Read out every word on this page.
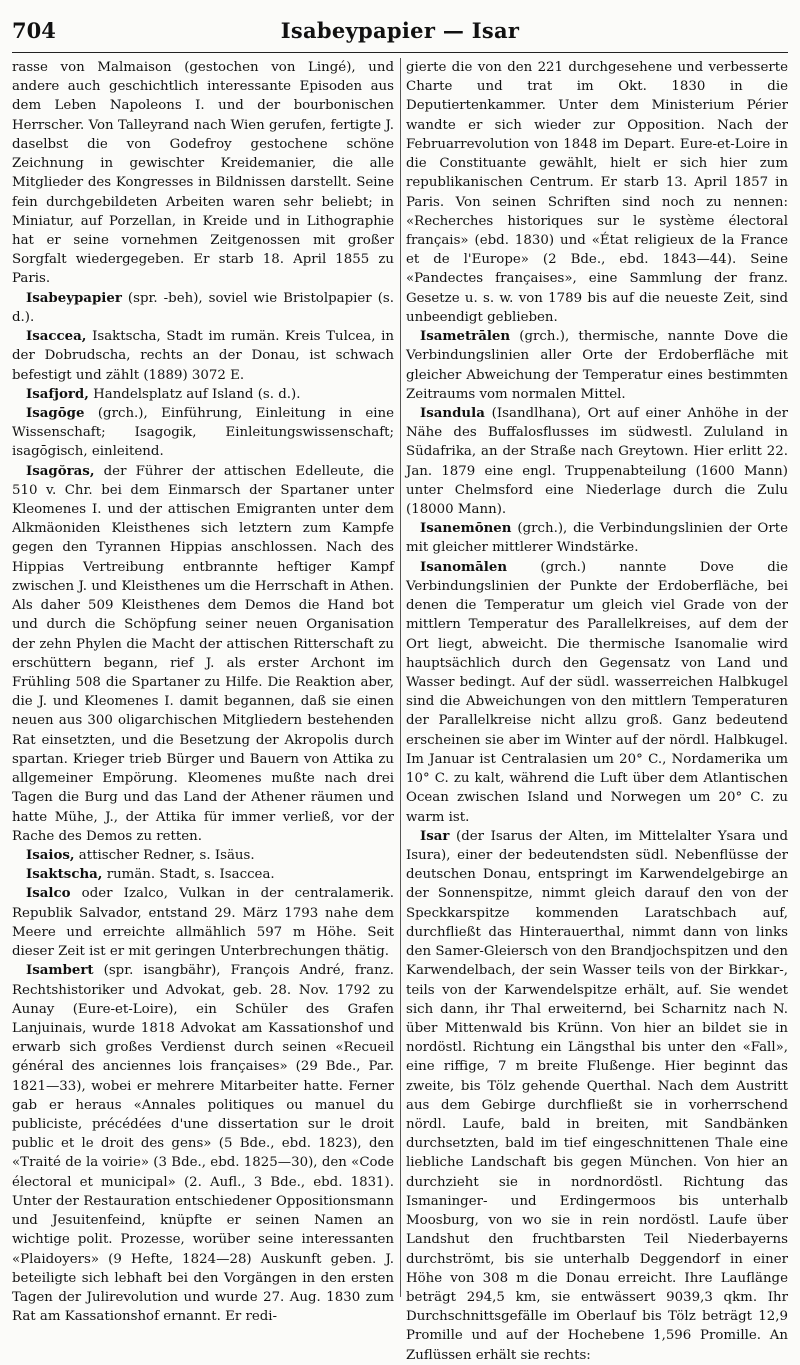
704	Isabeypapier — Isar

rasse von Malmaison (gestochen von Lingé), und andere auch geschichtlich interessante Episoden aus dem Leben Napoleons I. und der bourbonischen Herrscher. Von Talleyrand nach Wien gerufen, fertigte J. daselbst die von Godefroy gestochene schöne Zeichnung in gewischter Kreidemanier, die alle Mitglieder des Kongresses in Bildnissen darstellt. Seine fein durchgebildeten Arbeiten waren sehr beliebt; in Miniatur, auf Porzellan, in Kreide und in Lithographie hat er seine vornehmen Zeitgenossen mit großer Sorgfalt wiedergegeben. Er starb 18. April 1855 zu Paris.

Isabeypapier (spr. -beh), soviel wie Bristolpapier (s. d.).

Isaccea, Isaktscha, Stadt im rumän. Kreis Tulcea, in der Dobrudscha, rechts an der Donau, ist schwach befestigt und zählt (1889) 3072 E.

Isafjord, Handelsplatz auf Island (s. d.).

Isagōge (grch.), Einführung, Einleitung in eine Wissenschaft; Isagogik, Einleitungswissenschaft; isagōgisch, einleitend.

Isagŏras, der Führer der attischen Edelleute, die 510 v. Chr. bei dem Einmarsch der Spartaner unter Kleomenes I. und der attischen Emigranten unter dem Alkmäoniden Kleisthenes sich letztern zum Kampfe gegen den Tyrannen Hippias anschlossen. Nach des Hippias Vertreibung entbrannte heftiger Kampf zwischen J. und Kleisthenes um die Herrschaft in Athen. Als daher 509 Kleisthenes dem Demos die Hand bot und durch die Schöpfung seiner neuen Organisation der zehn Phylen die Macht der attischen Ritterschaft zu erschüttern begann, rief J. als erster Archont im Frühling 508 die Spartaner zu Hilfe. Die Reaktion aber, die J. und Kleomenes I. damit begannen, daß sie einen neuen aus 300 oligarchischen Mitgliedern bestehenden Rat einsetzten, und die Besetzung der Akropolis durch spartan. Krieger trieb Bürger und Bauern von Attika zu allgemeiner Empörung. Kleomenes mußte nach drei Tagen die Burg und das Land der Athener räumen und hatte Mühe, J., der Attika für immer verließ, vor der Rache des Demos zu retten.

Isaios, attischer Redner, s. Isäus.

Isaktscha, rumän. Stadt, s. Isaccea.

Isalco oder Izalco, Vulkan in der centralamerik. Republik Salvador, entstand 29. März 1793 nahe dem Meere und erreichte allmählich 597 m Höhe. Seit dieser Zeit ist er mit geringen Unterbrechungen thätig.

Isambert (spr. isangbähr), François André, franz. Rechtshistoriker und Advokat, geb. 28. Nov. 1792 zu Aunay (Eure-et-Loire), ein Schüler des Grafen Lanjuinais, wurde 1818 Advokat am Kassationshof und erwarb sich großes Verdienst durch seinen «Recueil général des anciennes lois françaises» (29 Bde., Par. 1821—33), wobei er mehrere Mitarbeiter hatte. Ferner gab er heraus «Annales politiques ou manuel du publiciste, précédées d'une dissertation sur le droit public et le droit des gens» (5 Bde., ebd. 1823), den «Traité de la voirie» (3 Bde., ebd. 1825—30), den «Code électoral et municipal» (2. Aufl., 3 Bde., ebd. 1831). Unter der Restauration entschiedener Oppositionsmann und Jesuitenfeind, knüpfte er seinen Namen an wichtige polit. Prozesse, worüber seine interessanten «Plaidoyers» (9 Hefte, 1824—28) Auskunft geben. J. beteiligte sich lebhaft bei den Vorgängen in den ersten Tagen der Julirevolution und wurde 27. Aug. 1830 zum Rat am Kassationshof ernannt. Er redi-

gierte die von den 221 durchgesehene und verbesserte Charte und trat im Okt. 1830 in die Deputiertenkammer. Unter dem Ministerium Périer wandte er sich wieder zur Opposition. Nach der Februarrevolution von 1848 im Depart. Eure-et-Loire in die Constituante gewählt, hielt er sich hier zum republikanischen Centrum. Er starb 13. April 1857 in Paris. Von seinen Schriften sind noch zu nennen: «Recherches historiques sur le système électoral français» (ebd. 1830) und «État religieux de la France et de l'Europe» (2 Bde., ebd. 1843—44). Seine «Pandectes françaises», eine Sammlung der franz. Gesetze u. s. w. von 1789 bis auf die neueste Zeit, sind unbeendigt geblieben.

Isametrālen (grch.), thermische, nannte Dove die Verbindungslinien aller Orte der Erdoberfläche mit gleicher Abweichung der Temperatur eines bestimmten Zeitraums vom normalen Mittel.

Isandula (Isandlhana), Ort auf einer Anhöhe in der Nähe des Buffalosflusses im südwestl. Zululand in Südafrika, an der Straße nach Greytown. Hier erlitt 22. Jan. 1879 eine engl. Truppenabteilung (1600 Mann) unter Chelmsford eine Niederlage durch die Zulu (18000 Mann).

Isanemōnen (grch.), die Verbindungslinien der Orte mit gleicher mittlerer Windstärke.

Isanomālen (grch.) nannte Dove die Verbindungslinien der Punkte der Erdoberfläche, bei denen die Temperatur um gleich viel Grade von der mittlern Temperatur des Parallelkreises, auf dem der Ort liegt, abweicht. Die thermische Isanomalie wird hauptsächlich durch den Gegensatz von Land und Wasser bedingt. Auf der südl. wasserreichen Halbkugel sind die Abweichungen von den mittlern Temperaturen der Parallelkreise nicht allzu groß. Ganz bedeutend erscheinen sie aber im Winter auf der nördl. Halbkugel. Im Januar ist Centralasien um 20° C., Nordamerika um 10° C. zu kalt, während die Luft über dem Atlantischen Ocean zwischen Island und Norwegen um 20° C. zu warm ist.

Isar (der Isarus der Alten, im Mittelalter Ysara und Isura), einer der bedeutendsten südl. Nebenflüsse der deutschen Donau, entspringt im Karwendelgebirge an der Sonnenspitze, nimmt gleich darauf den von der Speckkarspitze kommenden Laratschbach auf, durchfließt das Hinterauerthal, nimmt dann von links den Samer-Gleiersch von den Brandjochspitzen und den Karwendelbach, der sein Wasser teils von der Birkkar-, teils von der Karwendelspitze erhält, auf. Sie wendet sich dann, ihr Thal erweiternd, bei Scharnitz nach N. über Mittenwald bis Krünn. Von hier an bildet sie in nordöstl. Richtung ein Längsthal bis unter den «Fall», eine riffige, 7 m breite Flußenge. Hier beginnt das zweite, bis Tölz gehende Querthal. Nach dem Austritt aus dem Gebirge durchfließt sie in vorherrschend nördl. Laufe, bald in breiten, mit Sandbänken durchsetzten, bald im tief eingeschnittenen Thale eine liebliche Landschaft bis gegen München. Von hier an durchzieht sie in nordnordöstl. Richtung das Ismaninger- und Erdingermoos bis unterhalb Moosburg, von wo sie in rein nordöstl. Laufe über Landshut den fruchtbarsten Teil Niederbayerns durchströmt, bis sie unterhalb Deggendorf in einer Höhe von 308 m die Donau erreicht. Ihre Lauflänge beträgt 294,5 km, sie entwässert 9039,3 qkm. Ihr Durchschnittsgefälle im Oberlauf bis Tölz beträgt 12,9 Promille und auf der Hochebene 1,596 Promille. An Zuflüssen erhält sie rechts:
